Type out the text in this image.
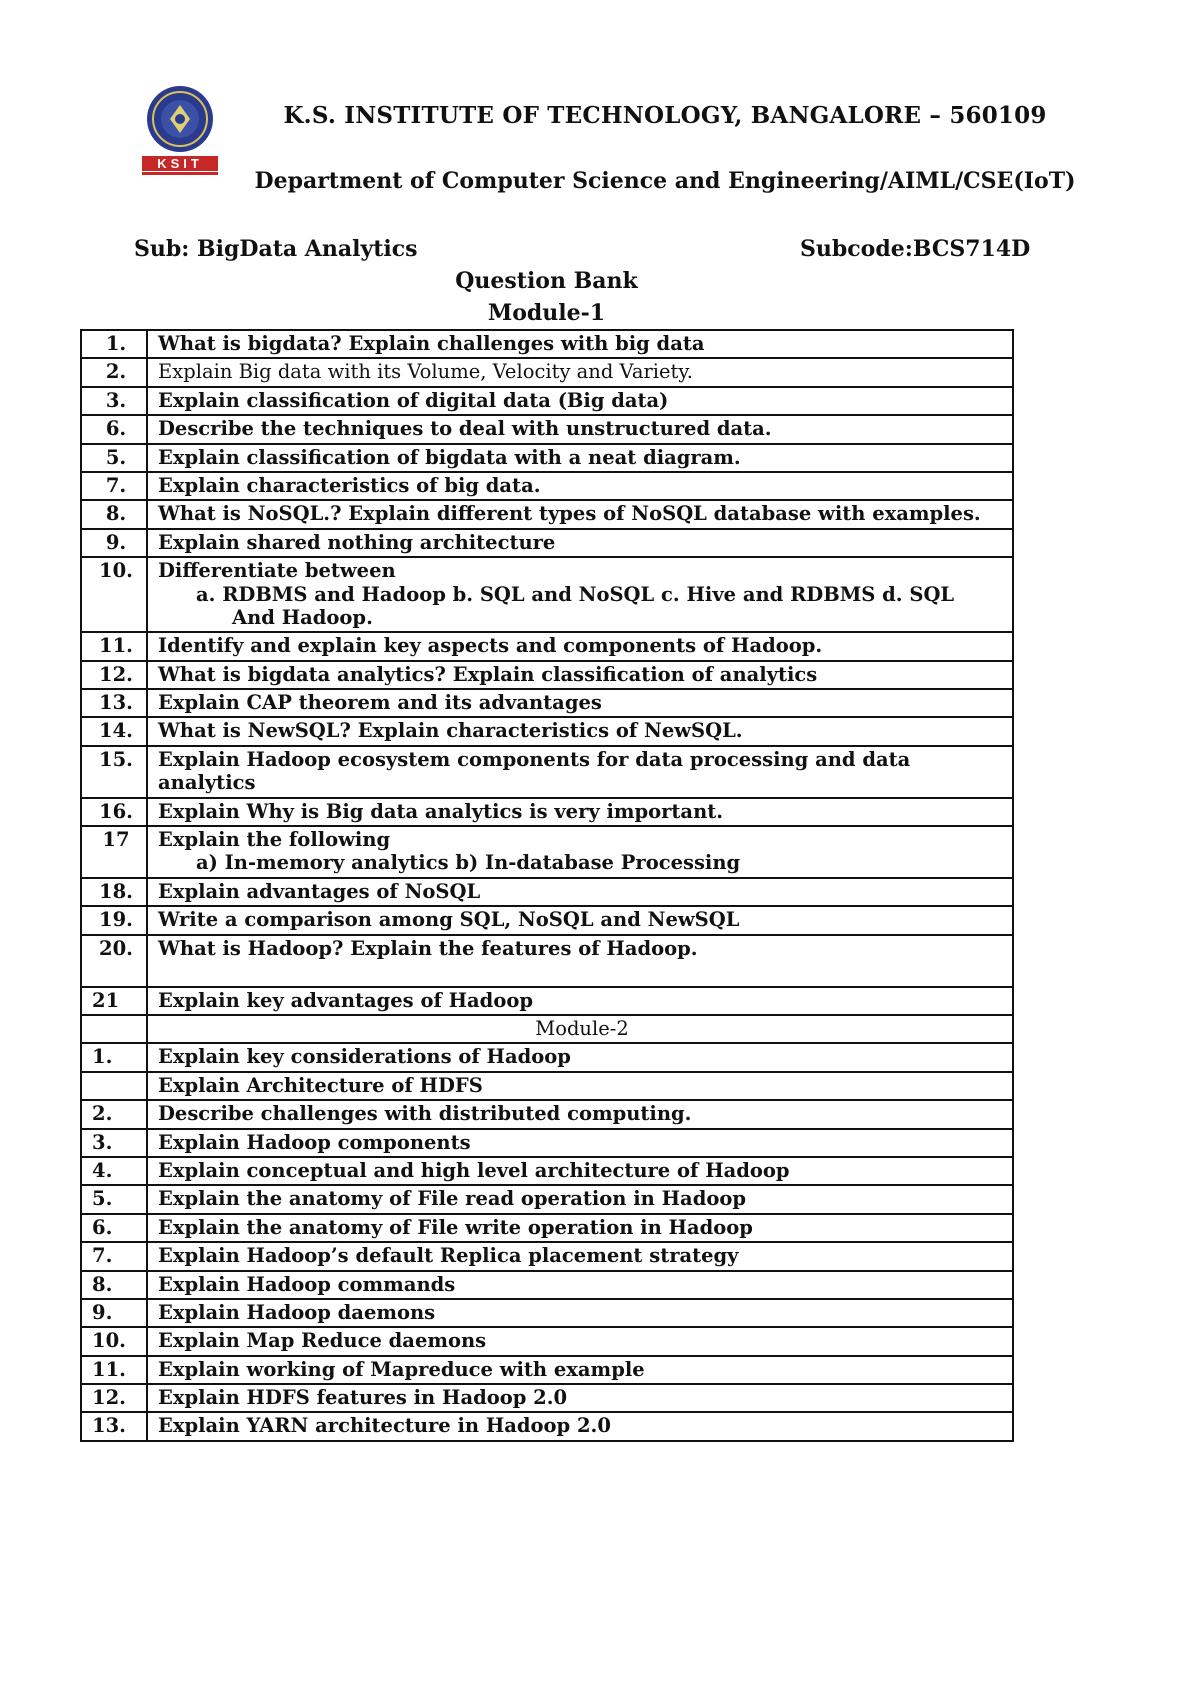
KSIT
K.S. INSTITUTE OF TECHNOLOGY, BANGALORE – 560109
Department of Computer Science and Engineering/AIML/CSE(IoT)
Sub: BigData Analytics	Subcode:BCS714D
Question Bank
Module-1
1.	What is bigdata? Explain challenges with big data
2.	Explain Big data with its Volume, Velocity and Variety.
3.	Explain classification of digital data (Big data)
6.	Describe the techniques to deal with unstructured data.
5.	Explain classification of bigdata with a neat diagram.
7.	Explain characteristics of big data.
8.	What is NoSQL.? Explain different types of NoSQL database with examples.
9.	Explain shared nothing architecture
10.	Differentiate between
a. RDBMS and Hadoop b. SQL and NoSQL c. Hive and RDBMS d. SQL
And Hadoop.

11.	Identify and explain key aspects and components of Hadoop.
12.	What is bigdata analytics? Explain classification of analytics
13.	Explain CAP theorem and its advantages
14.	What is NewSQL? Explain characteristics of NewSQL.
15.	Explain Hadoop ecosystem components for data processing and data analytics
16.	Explain Why is Big data analytics is very important.
17	Explain the following
a) In-memory analytics b) In-database Processing

18.	Explain advantages of NoSQL
19.	Write a comparison among SQL, NoSQL and NewSQL
20.	What is Hadoop? Explain the features of Hadoop.
21	Explain key advantages of Hadoop
	Module-2
1.	Explain key considerations of Hadoop
	Explain Architecture of HDFS
2.	Describe challenges with distributed computing.
3.	Explain Hadoop components
4.	Explain conceptual and high level architecture of Hadoop
5.	Explain the anatomy of File read operation in Hadoop
6.	Explain the anatomy of File write operation in Hadoop
7.	Explain Hadoop’s default Replica placement strategy
8.	Explain Hadoop commands
9.	Explain Hadoop daemons
10.	Explain Map Reduce daemons
11.	Explain working of Mapreduce with example
12.	Explain HDFS features in Hadoop 2.0
13.	Explain YARN architecture in Hadoop 2.0
